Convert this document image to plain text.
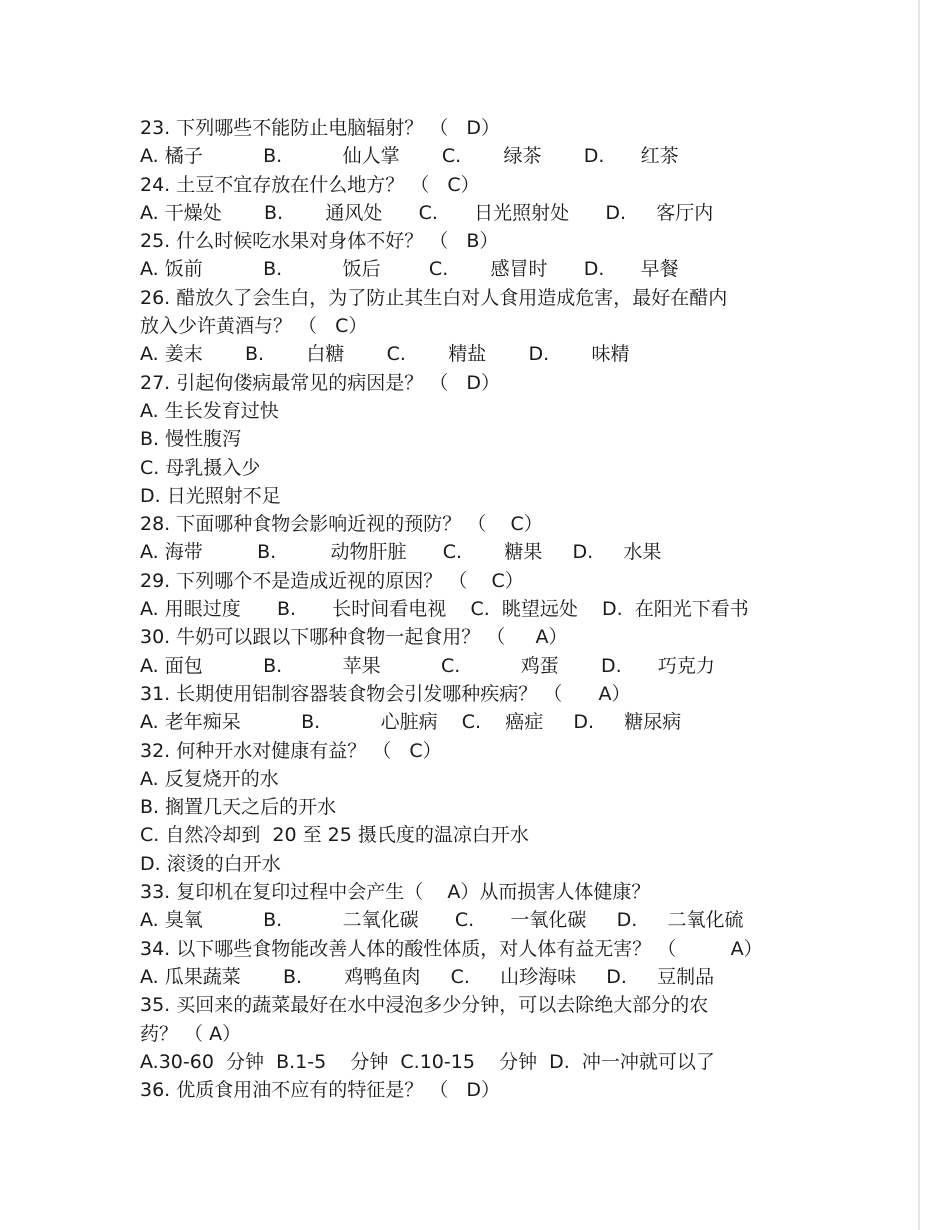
23. 下列哪些不能防止电脑辐射？ （   D）
A. 橘子          B.          仙人掌       C.       绿茶       D.      红茶
24. 土豆不宜存放在什么地方？ （   C）
A. 干燥处       B.       通风处      C.      日光照射处      D.     客厅内
25. 什么时候吃水果对身体不好？ （   B）
A. 饭前          B.          饭后        C.       感冒时      D.      早餐
26. 醋放久了会生白，为了防止其生白对人食用造成危害，最好在醋内
放入少许黄酒与？ （   C）
A. 姜末       B.       白糖       C.       精盐       D.       味精
27. 引起佝偻病最常见的病因是？ （   D）
A. 生长发育过快
B. 慢性腹泻
C. 母乳摄入少
D. 日光照射不足
28. 下面哪种食物会影响近视的预防？ （    C）
A. 海带         B.         动物肝脏      C.       糖果     D.     水果
29. 下列哪个不是造成近视的原因？ （    C）
A. 用眼过度      B.      长时间看电视    C.  眺望远处    D.  在阳光下看书
30. 牛奶可以跟以下哪种食物一起食用？ （     A）
A. 面包          B.          苹果          C.          鸡蛋       D.      巧克力
31. 长期使用铝制容器装食物会引发哪种疾病？ （      A）
A. 老年痴呆          B.          心脏病    C.    癌症     D.     糖尿病
32. 何种开水对健康有益？ （   C）
A. 反复烧开的水
B. 搁置几天之后的开水
C. 自然冷却到  20 至 25 摄氏度的温凉白开水
D. 滚烫的白开水
33. 复印机在复印过程中会产生（    A）从而损害人体健康？
A. 臭氧          B.          二氧化碳      C.      一氧化碳     D.     二氧化硫
34. 以下哪些食物能改善人体的酸性体质，对人体有益无害？ （         A）
A. 瓜果蔬菜       B.       鸡鸭鱼肉     C.     山珍海味     D.     豆制品
35. 买回来的蔬菜最好在水中浸泡多少分钟，可以去除绝大部分的农
药？ （ A）
A.30-60  分钟  B.1-5    分钟  C.10-15    分钟  D.  冲一冲就可以了
36. 优质食用油不应有的特征是？ （   D）
